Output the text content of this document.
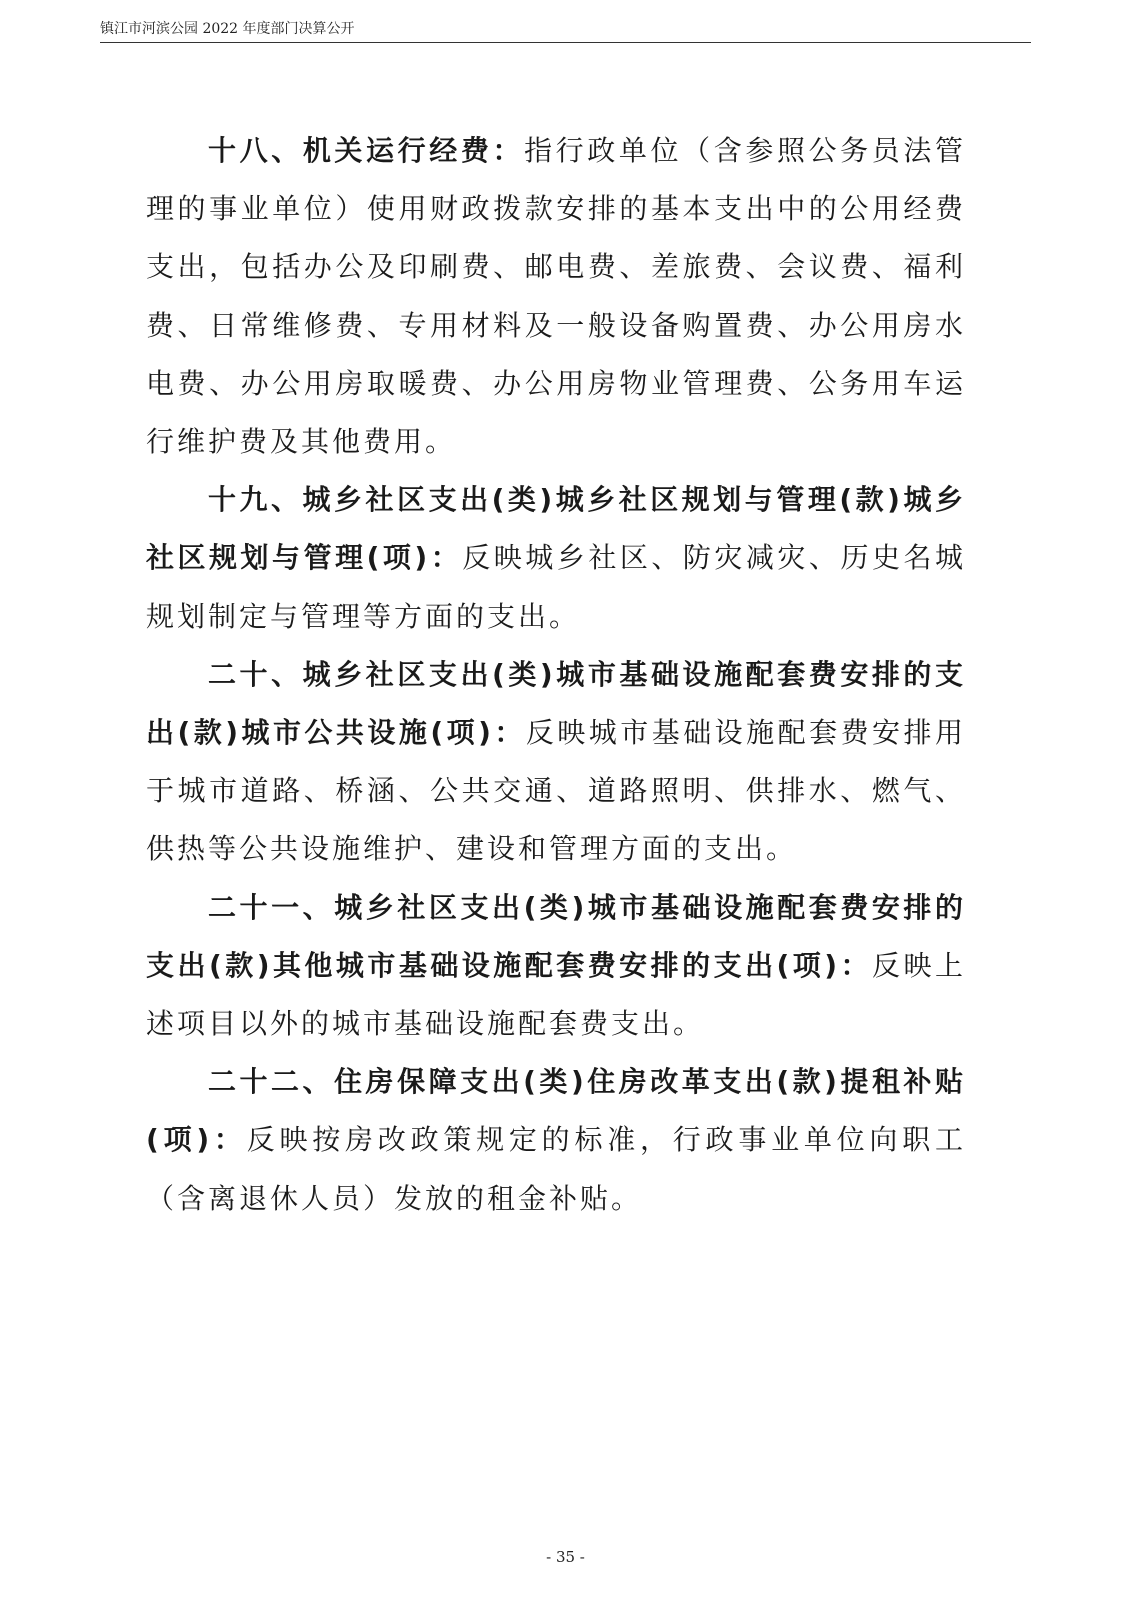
镇江市河滨公园 2022 年度部门决算公开

十八、机关运行经费：指行政单位（含参照公务员法管理的事业单位）使用财政拨款安排的基本支出中的公用经费支出，包括办公及印刷费、邮电费、差旅费、会议费、福利费、日常维修费、专用材料及一般设备购置费、办公用房水电费、办公用房取暖费、办公用房物业管理费、公务用车运行维护费及其他费用。

十九、城乡社区支出(类)城乡社区规划与管理(款)城乡社区规划与管理(项)：反映城乡社区、防灾减灾、历史名城规划制定与管理等方面的支出。

二十、城乡社区支出(类)城市基础设施配套费安排的支出(款)城市公共设施(项)：反映城市基础设施配套费安排用于城市道路、桥涵、公共交通、道路照明、供排水、燃气、供热等公共设施维护、建设和管理方面的支出。

二十一、城乡社区支出(类)城市基础设施配套费安排的支出(款)其他城市基础设施配套费安排的支出(项)：反映上述项目以外的城市基础设施配套费支出。

二十二、住房保障支出(类)住房改革支出(款)提租补贴(项)：反映按房改政策规定的标准，行政事业单位向职工（含离退休人员）发放的租金补贴。

- 35 -
